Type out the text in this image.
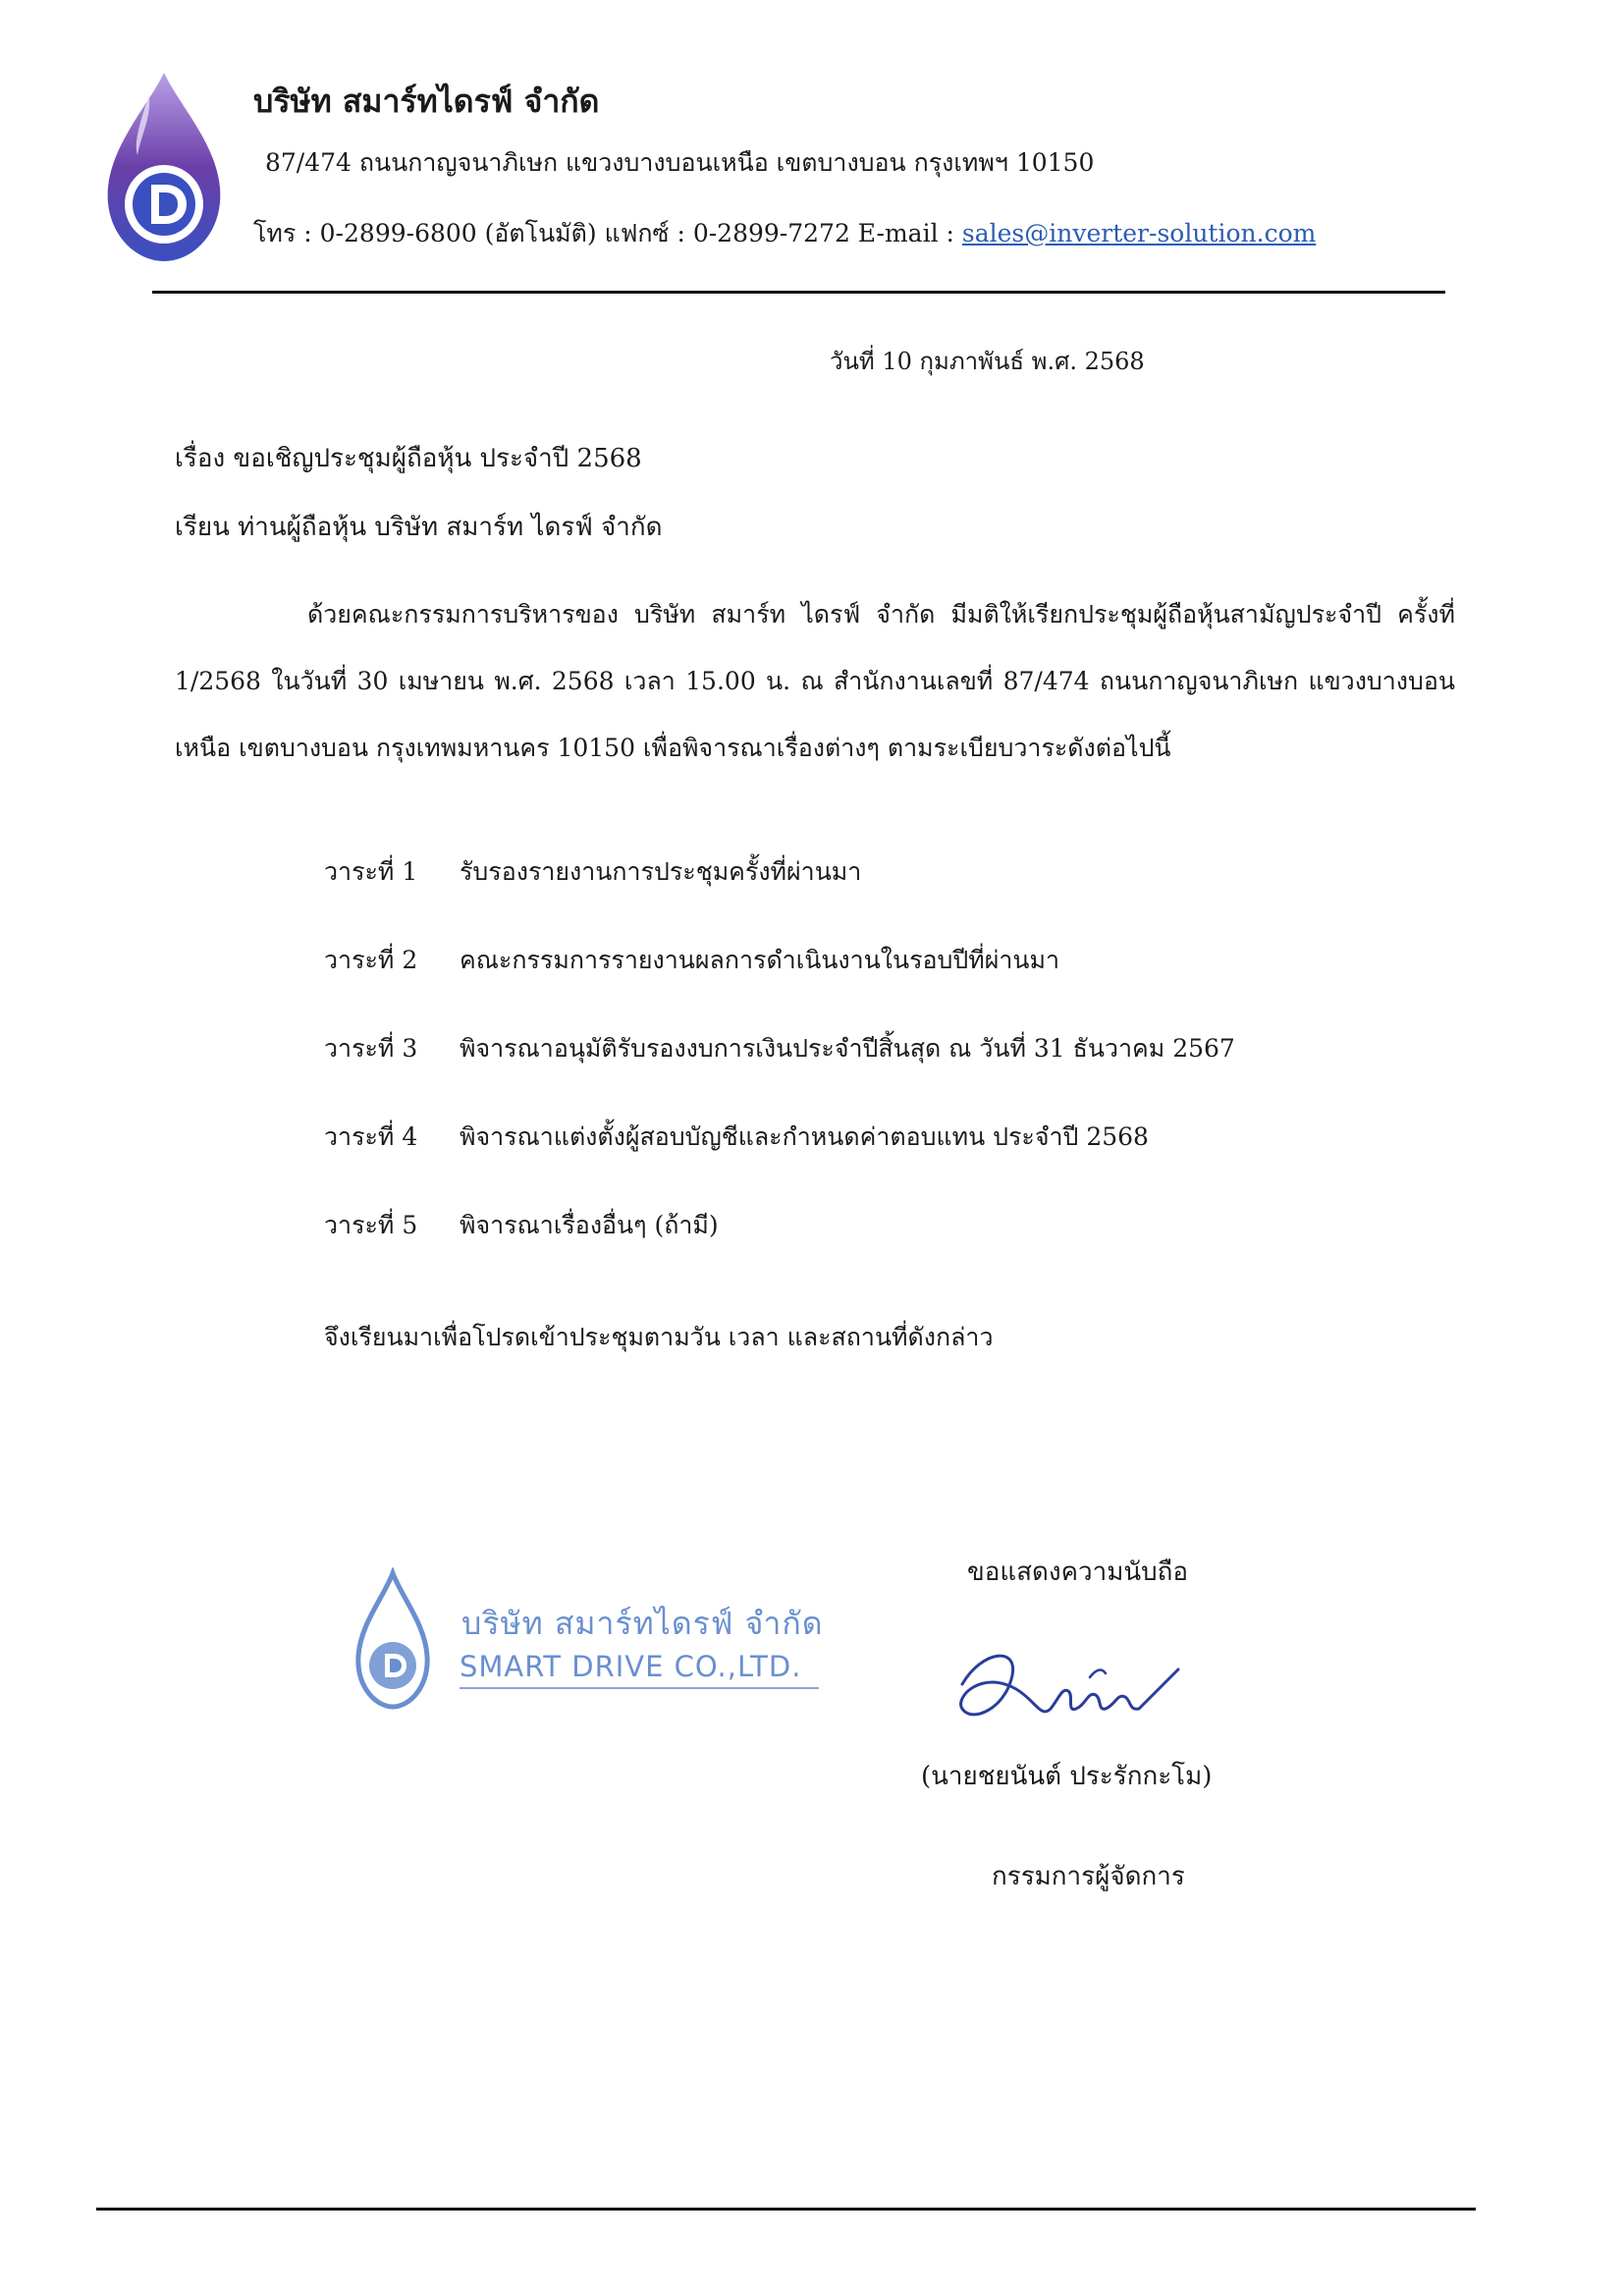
บริษัท สมาร์ทไดรฟ์ จำกัด
87/474 ถนนกาญจนาภิเษก แขวงบางบอนเหนือ เขตบางบอน กรุงเทพฯ 10150
โทร : 0-2899-6800 (อัตโนมัติ) แฟกซ์ : 0-2899-7272 E-mail : sales@inverter-solution.com
วันที่ 10 กุมภาพันธ์ พ.ศ. 2568
เรื่อง ขอเชิญประชุมผู้ถือหุ้น ประจำปี 2568
เรียน ท่านผู้ถือหุ้น บริษัท สมาร์ท ไดรฟ์ จำกัด
ด้วยคณะกรรมการบริหารของ บริษัท สมาร์ท ไดรฟ์ จำกัด มีมติให้เรียกประชุมผู้ถือหุ้นสามัญประจำปี ครั้งที่ 1/2568 ในวันที่ 30 เมษายน พ.ศ. 2568 เวลา 15.00 น. ณ สำนักงานเลขที่ 87/474 ถนนกาญจนาภิเษก แขวงบางบอนเหนือ เขตบางบอน กรุงเทพมหานคร 10150 เพื่อพิจารณาเรื่องต่างๆ ตามระเบียบวาระดังต่อไปนี้
วาระที่ 1 รับรองรายงานการประชุมครั้งที่ผ่านมา
วาระที่ 2 คณะกรรมการรายงานผลการดำเนินงานในรอบปีที่ผ่านมา
วาระที่ 3 พิจารณาอนุมัติรับรองงบการเงินประจำปีสิ้นสุด ณ วันที่ 31 ธันวาคม 2567
วาระที่ 4 พิจารณาแต่งตั้งผู้สอบบัญชีและกำหนดค่าตอบแทน ประจำปี 2568
วาระที่ 5 พิจารณาเรื่องอื่นๆ (ถ้ามี)
จึงเรียนมาเพื่อโปรดเข้าประชุมตามวัน เวลา และสถานที่ดังกล่าว
บริษัท สมาร์ทไดรฟ์ จำกัด
SMART DRIVE CO.,LTD.
ขอแสดงความนับถือ
(นายชยนันต์ ประรักกะโม)
กรรมการผู้จัดการ
